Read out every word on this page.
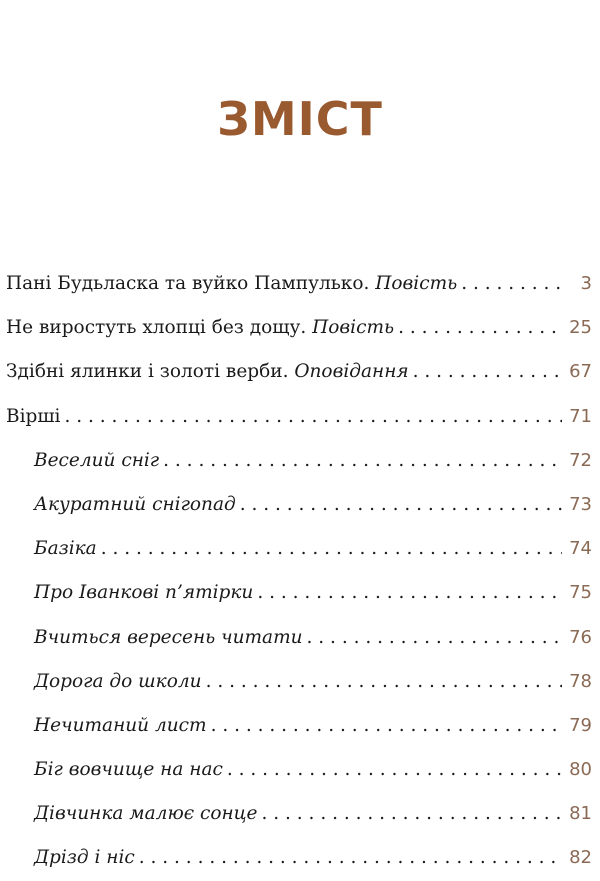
ЗМІСТ
Пані Будьласка та вуйко Пампулько. Повість . . .	3
Не виростуть хлопці без дощу. Повість . . .	25
Здібні ялинки і золоті верби. Оповідання . . .	67
Вірші . . .	71
Веселий сніг . . .	72
Акуратний снігопад . . .	73
Базіка . . .	74
Про Іванкові п’ятірки . . .	75
Вчиться вересень читати . . .	76
Дорога до школи . . .	78
Нечитаний лист . . .	79
Біг вовчище на нас . . .	80
Дівчинка малює сонце . . .	81
Дрізд і ніс . . .	82
